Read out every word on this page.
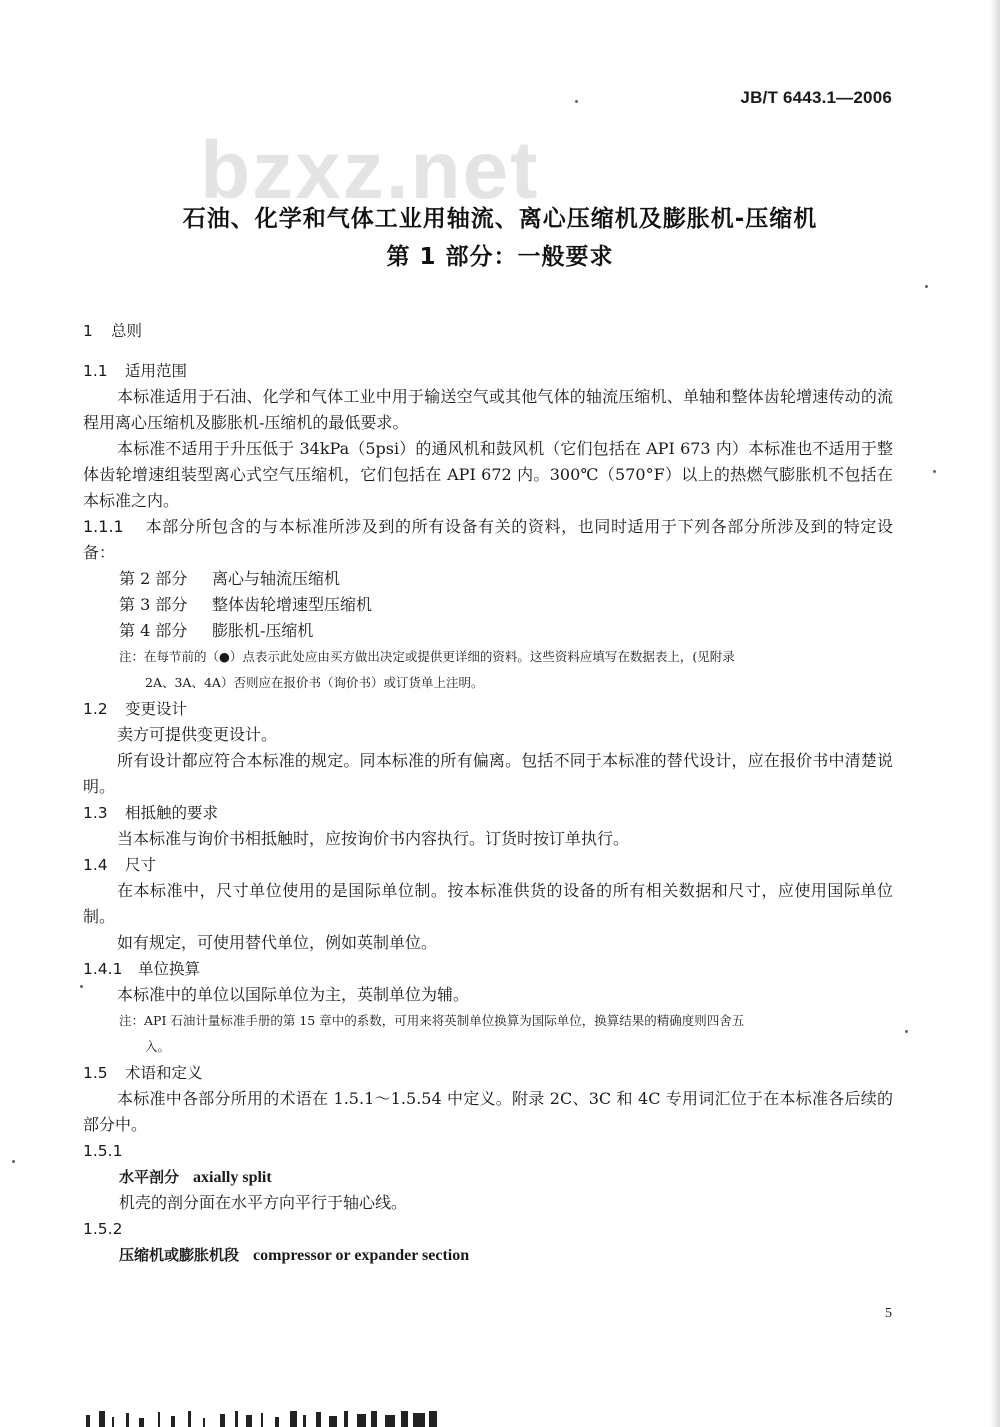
JB/T 6443.1—2006
bzxz.net
石油、化学和气体工业用轴流、离心压缩机及膨胀机-压缩机
第 1 部分：一般要求
1 总则
1.1 适用范围

本标准适用于石油、化学和气体工业中用于输送空气或其他气体的轴流压缩机、单轴和整体齿轮增速传动的流程用离心压缩机及膨胀机-压缩机的最低要求。

本标准不适用于升压低于 34kPa（5psi）的通风机和鼓风机（它们包括在 API 673 内）本标准也不适用于整体齿轮增速组装型离心式空气压缩机，它们包括在 API 672 内。300℃（570°F）以上的热燃气膨胀机不包括在本标准之内。

1.1.1 本部分所包含的与本标准所涉及到的所有设备有关的资料，也同时适用于下列各部分所涉及到的特定设备：

第 2 部分 离心与轴流压缩机
第 3 部分 整体齿轮增速型压缩机
第 4 部分 膨胀机-压缩机

注：在每节前的（●）点表示此处应由买方做出决定或提供更详细的资料。这些资料应填写在数据表上，(见附录
2A、3A、4A）否则应在报价书（询价书）或订货单上注明。

1.2 变更设计

卖方可提供变更设计。

所有设计都应符合本标准的规定。同本标准的所有偏离。包括不同于本标准的替代设计，应在报价书中清楚说明。

1.3 相抵触的要求

当本标准与询价书相抵触时，应按询价书内容执行。订货时按订单执行。

1.4 尺寸

在本标准中，尺寸单位使用的是国际单位制。按本标准供货的设备的所有相关数据和尺寸，应使用国际单位制。

如有规定，可使用替代单位，例如英制单位。

1.4.1 单位换算

本标准中的单位以国际单位为主，英制单位为辅。

注：API 石油计量标准手册的第 15 章中的系数，可用来将英制单位换算为国际单位，换算结果的精确度则四舍五
入。

1.5 术语和定义

本标准中各部分所用的术语在 1.5.1～1.5.54 中定义。附录 2C、3C 和 4C 专用词汇位于在本标准各后续的部分中。

1.5.1
水平剖分 axially split

机壳的剖分面在水平方向平行于轴心线。

1.5.2
压缩机或膨胀机段 compressor or expander section
5
